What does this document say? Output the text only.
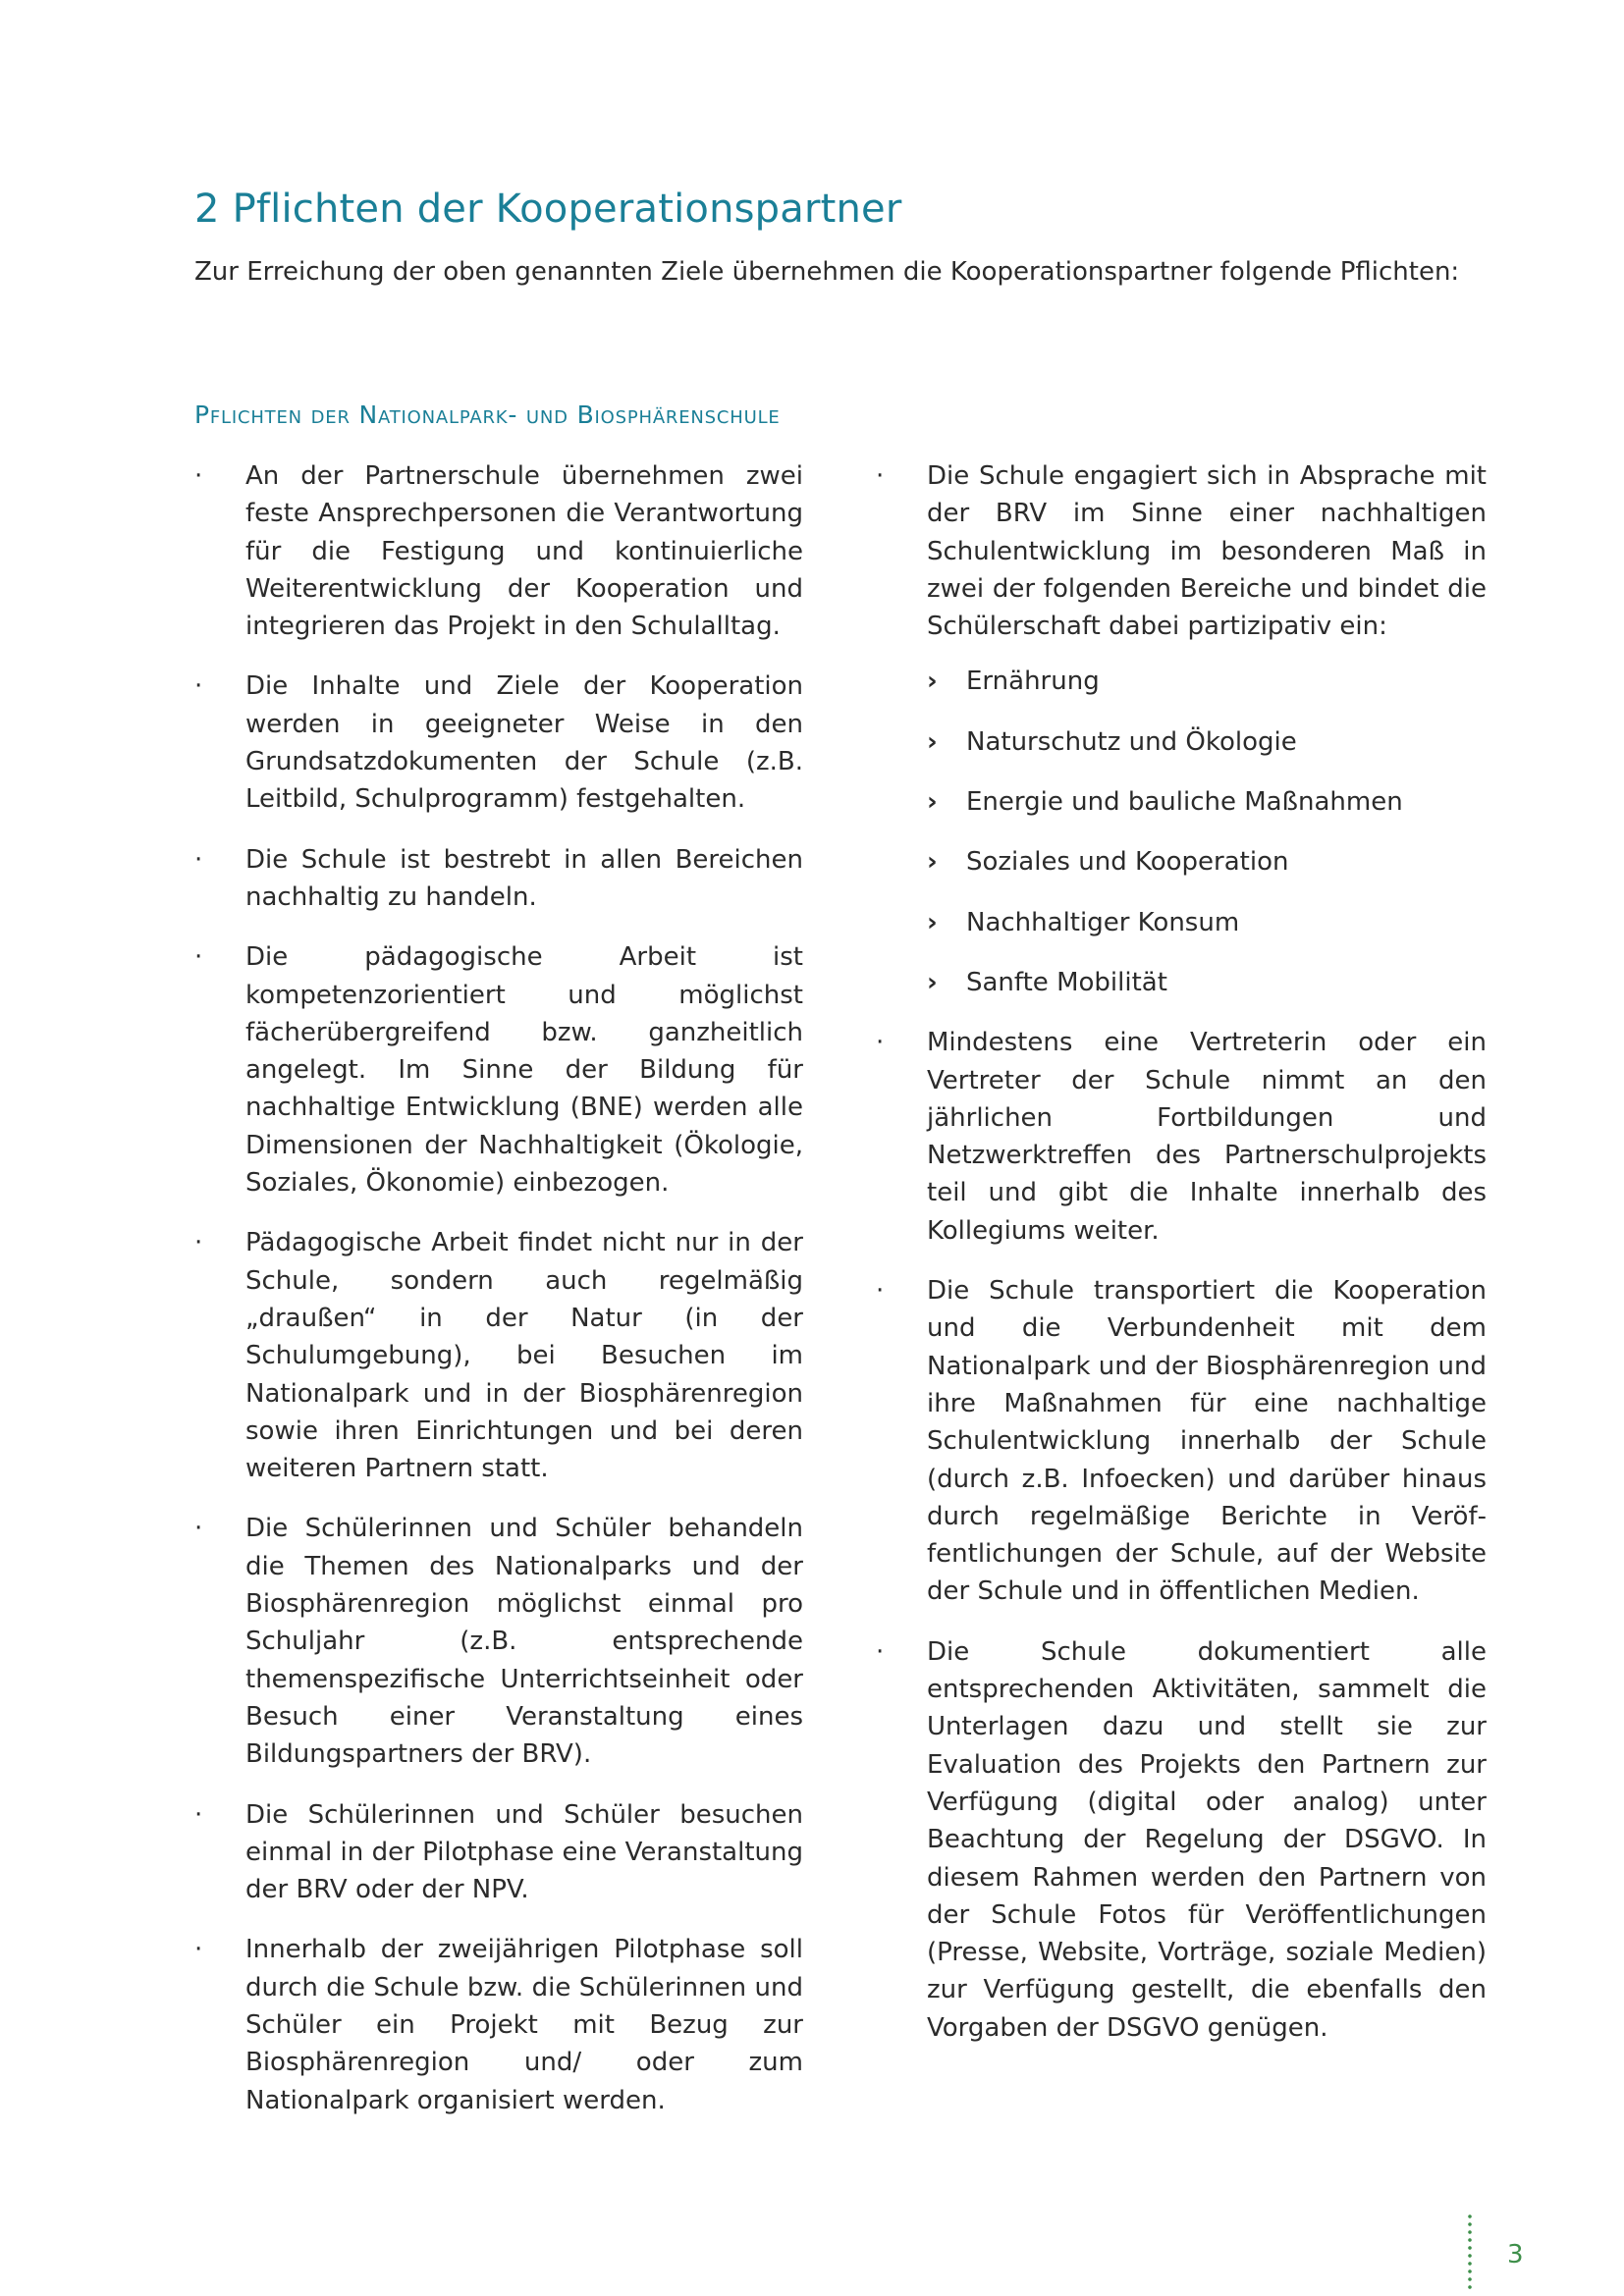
2 Pflichten der Kooperationspartner

Zur Erreichung der oben genannten Ziele übernehmen die Kooperationspartner folgende Pflichten:

Pflichten der Nationalpark- und Biosphärenschule
· An der Partnerschule übernehmen zwei feste Ansprechpersonen die Verantwortung für die Festigung und kontinuierliche Weiterentwicklung der Kooperation und integrieren das Projekt in den Schulalltag.
· Die Inhalte und Ziele der Kooperation werden in geeigneter Weise in den Grundsatzdokumenten der Schule (z.B. Leitbild, Schulprogramm) festgehalten.
· Die Schule ist bestrebt in allen Bereichen nachhaltig zu handeln.
· Die pädagogische Arbeit ist kompetenzorientiert und möglichst fächerübergreifend bzw. ganzheitlich angelegt. Im Sinne der Bildung für nachhaltige Entwicklung (BNE) werden alle Dimensionen der Nachhaltigkeit (Ökologie, Soziales, Ökonomie) einbezogen.
· Pädagogische Arbeit findet nicht nur in der Schule, sondern auch regelmäßig „draußen“ in der Natur (in der Schulumgebung), bei Besuchen im Nationalpark und in der Biosphärenregion sowie ihren Einrichtungen und bei deren weiteren Partnern statt.
· Die Schülerinnen und Schüler behandeln die Themen des Nationalparks und der Biosphärenregion möglichst einmal pro Schuljahr (z.B. entsprechende themenspezifische Unterrichtseinheit oder Besuch einer Veranstaltung eines Bildungspartners der BRV).
· Die Schülerinnen und Schüler besuchen einmal in der Pilotphase eine Veranstaltung der BRV oder der NPV.
· Innerhalb der zweijährigen Pilotphase soll durch die Schule bzw. die Schülerinnen und Schüler ein Projekt mit Bezug zur Biosphärenregion und/ oder zum Nationalpark organisiert werden.
· Die Schule engagiert sich in Absprache mit der BRV im Sinne einer nachhaltigen Schulentwicklung im besonderen Maß in zwei der folgenden Bereiche und bindet die Schülerschaft dabei partizipativ ein:
› Ernährung
› Naturschutz und Ökologie
› Energie und bauliche Maßnahmen
› Soziales und Kooperation
› Nachhaltiger Konsum
› Sanfte Mobilität
· Mindestens eine Vertreterin oder ein Vertreter der Schule nimmt an den jährlichen Fortbildungen und Netzwerktreffen des Partnerschulprojekts teil und gibt die Inhalte innerhalb des Kollegiums weiter.
· Die Schule transportiert die Kooperation und die Verbundenheit mit dem Nationalpark und der Biosphärenregion und ihre Maßnahmen für eine nachhaltige Schulentwicklung innerhalb der Schule (durch z.B. Infoecken) und darüber hinaus durch regelmäßige Berichte in Veröffentlichungen der Schule, auf der Website der Schule und in öffentlichen Medien.
· Die Schule dokumentiert alle entsprechenden Aktivitäten, sammelt die Unterlagen dazu und stellt sie zur Evaluation des Projekts den Partnern zur Verfügung (digital oder analog) unter Beachtung der Regelung der DSGVO. In diesem Rahmen werden den Partnern von der Schule Fotos für Veröffentlichungen (Presse, Website, Vorträge, soziale Medien) zur Verfügung gestellt, die ebenfalls den Vorgaben der DSGVO genügen.

3
